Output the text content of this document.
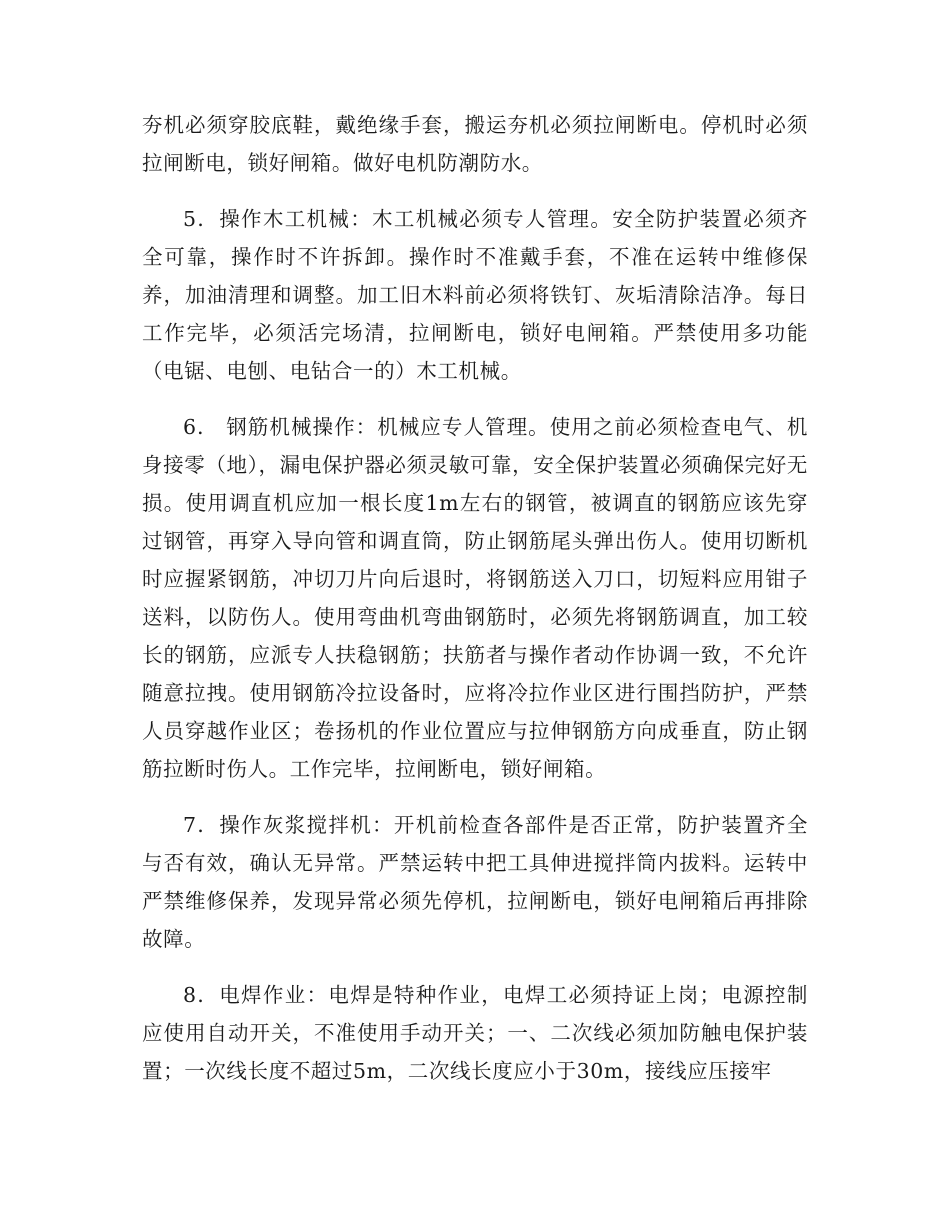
夯机必须穿胶底鞋，戴绝缘手套，搬运夯机必须拉闸断电。停机时必须拉闸断电，锁好闸箱。做好电机防潮防水。

5．操作木工机械：木工机械必须专人管理。安全防护装置必须齐全可靠，操作时不许拆卸。操作时不准戴手套，不准在运转中维修保养，加油清理和调整。加工旧木料前必须将铁钉、灰垢清除洁净。每日工作完毕，必须活完场清，拉闸断电，锁好电闸箱。严禁使用多功能（电锯、电刨、电钻合一的）木工机械。

6． 钢筋机械操作：机械应专人管理。使用之前必须检查电气、机身接零（地），漏电保护器必须灵敏可靠，安全保护装置必须确保完好无损。使用调直机应加一根长度1m左右的钢管，被调直的钢筋应该先穿过钢管，再穿入导向管和调直筒，防止钢筋尾头弹出伤人。使用切断机时应握紧钢筋，冲切刀片向后退时，将钢筋送入刀口，切短料应用钳子送料，以防伤人。使用弯曲机弯曲钢筋时，必须先将钢筋调直，加工较长的钢筋，应派专人扶稳钢筋；扶筋者与操作者动作协调一致，不允许随意拉拽。使用钢筋冷拉设备时，应将冷拉作业区进行围挡防护，严禁人员穿越作业区；卷扬机的作业位置应与拉伸钢筋方向成垂直，防止钢筋拉断时伤人。工作完毕，拉闸断电，锁好闸箱。

7．操作灰浆搅拌机：开机前检查各部件是否正常，防护装置齐全与否有效，确认无异常。严禁运转中把工具伸进搅拌筒内拔料。运转中严禁维修保养，发现异常必须先停机，拉闸断电，锁好电闸箱后再排除故障。

8．电焊作业：电焊是特种作业，电焊工必须持证上岗；电源控制应使用自动开关，不准使用手动开关；一、二次线必须加防触电保护装置；一次线长度不超过5m，二次线长度应小于30m，接线应压接牢
